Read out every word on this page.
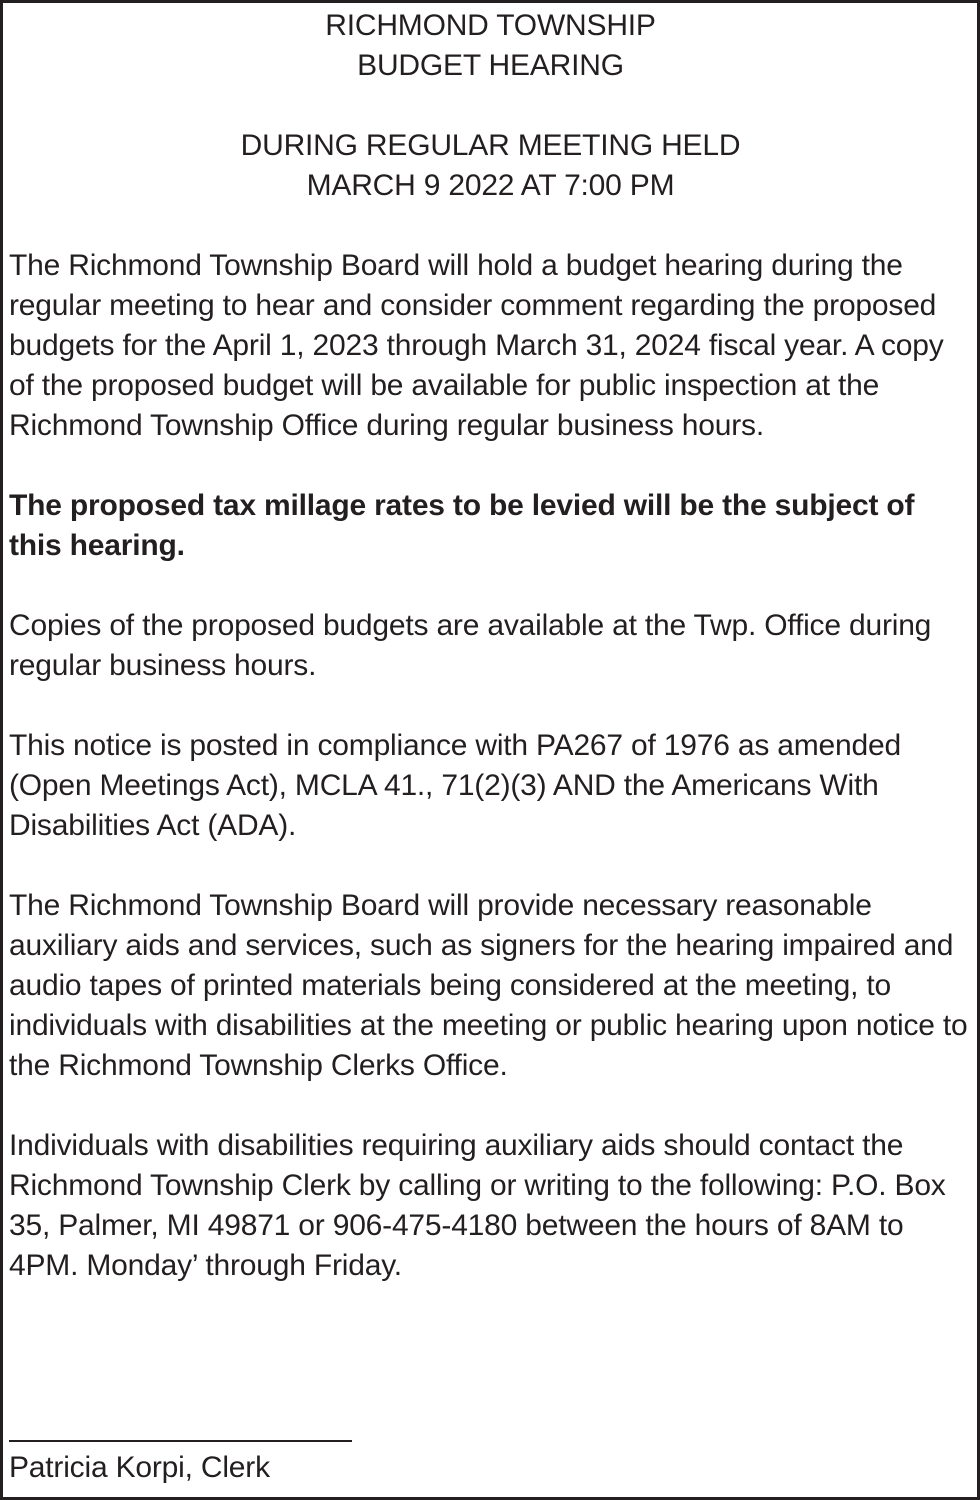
RICHMOND TOWNSHIP
BUDGET HEARING
DURING REGULAR MEETING HELD
MARCH 9 2022 AT 7:00 PM

The Richmond Township Board will hold a budget hearing during the regular meeting to hear and consider comment regarding the proposed budgets for the April 1, 2023 through March 31, 2024 fiscal year. A copy of the proposed budget will be available for public inspection at the Richmond Township Office during regular business hours.

The proposed tax millage rates to be levied will be the subject of this hearing.

Copies of the proposed budgets are available at the Twp. Office during regular business hours.

This notice is posted in compliance with PA267 of 1976 as amended (Open Meetings Act), MCLA 41., 71(2)(3) AND the Americans With Disabilities Act (ADA).

The Richmond Township Board will provide necessary reasonable auxiliary aids and services, such as signers for the hearing impaired and audio tapes of printed materials being considered at the meeting, to individuals with disabilities at the meeting or public hearing upon notice to the Richmond Township Clerks Office.

Individuals with disabilities requiring auxiliary aids should contact the Richmond Township Clerk by calling or writing to the following: P.O. Box 35, Palmer, MI 49871 or 906-475-4180 between the hours of 8AM to 4PM. Monday’ through Friday.

Patricia Korpi, Clerk
